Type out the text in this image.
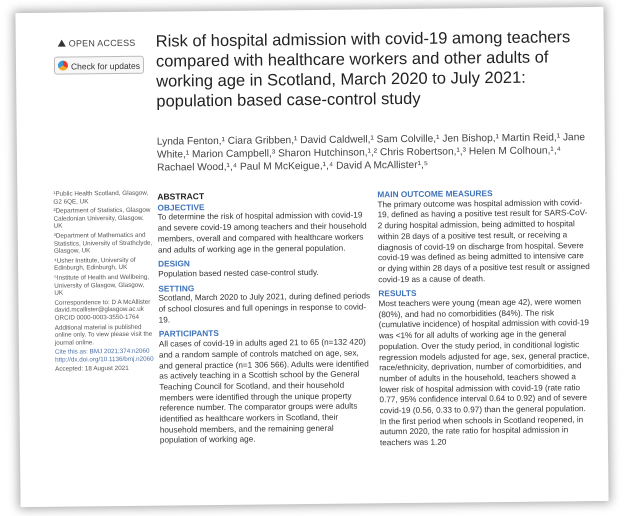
OPEN ACCESS
Check for updates
Risk of hospital admission with covid-19 among teachers compared with healthcare workers and other adults of working age in Scotland, March 2020 to July 2021: population based case-control study
Lynda Fenton,¹ Ciara Gribben,¹ David Caldwell,¹ Sam Colville,¹ Jen Bishop,¹ Martin Reid,¹ Jane White,¹ Marion Campbell,³ Sharon Hutchinson,¹,² Chris Robertson,¹,³ Helen M Colhoun,¹,⁴ Rachael Wood,¹,⁴ Paul M McKeigue,¹,⁴ David A McAllister¹,⁵

¹Public Health Scotland, Glasgow, G2 6QE, UK

²Department of Statistics, Glasgow Caledonian University, Glasgow, UK

³Department of Mathematics and Statistics, University of Strathclyde, Glasgow, UK

⁴Usher Institute, University of Edinburgh, Edinburgh, UK

⁵Institute of Health and Wellbeing, University of Glasgow, Glasgow, UK

Correspondence to: D A McAllister david.mcallister@glasgow.ac.uk ORCID 0000-0003-3550-1764

Additional material is published online only. To view please visit the journal online.

Cite this as: BMJ 2021;374:n2060 http://dx.doi.org/10.1136/bmj.n2060

Accepted: 18 August 2021

ABSTRACT
OBJECTIVE

To determine the risk of hospital admission with covid-19 and severe covid-19 among teachers and their household members, overall and compared with healthcare workers and adults of working age in the general population.

DESIGN

Population based nested case-control study.

SETTING

Scotland, March 2020 to July 2021, during defined periods of school closures and full openings in response to covid-19.

PARTICIPANTS

All cases of covid-19 in adults aged 21 to 65 (n=132 420) and a random sample of controls matched on age, sex, and general practice (n=1 306 566). Adults were identified as actively teaching in a Scottish school by the General Teaching Council for Scotland, and their household members were identified through the unique property reference number. The comparator groups were adults identified as healthcare workers in Scotland, their household members, and the remaining general population of working age.

MAIN OUTCOME MEASURES

The primary outcome was hospital admission with covid-19, defined as having a positive test result for SARS-CoV-2 during hospital admission, being admitted to hospital within 28 days of a positive test result, or receiving a diagnosis of covid-19 on discharge from hospital. Severe covid-19 was defined as being admitted to intensive care or dying within 28 days of a positive test result or assigned covid-19 as a cause of death.

RESULTS

Most teachers were young (mean age 42), were women (80%), and had no comorbidities (84%). The risk (cumulative incidence) of hospital admission with covid-19 was <1% for all adults of working age in the general population. Over the study period, in conditional logistic regression models adjusted for age, sex, general practice, race/ethnicity, deprivation, number of comorbidities, and number of adults in the household, teachers showed a lower risk of hospital admission with covid-19 (rate ratio 0.77, 95% confidence interval 0.64 to 0.92) and of severe covid-19 (0.56, 0.33 to 0.97) than the general population. In the first period when schools in Scotland reopened, in autumn 2020, the rate ratio for hospital admission in teachers was 1.20
